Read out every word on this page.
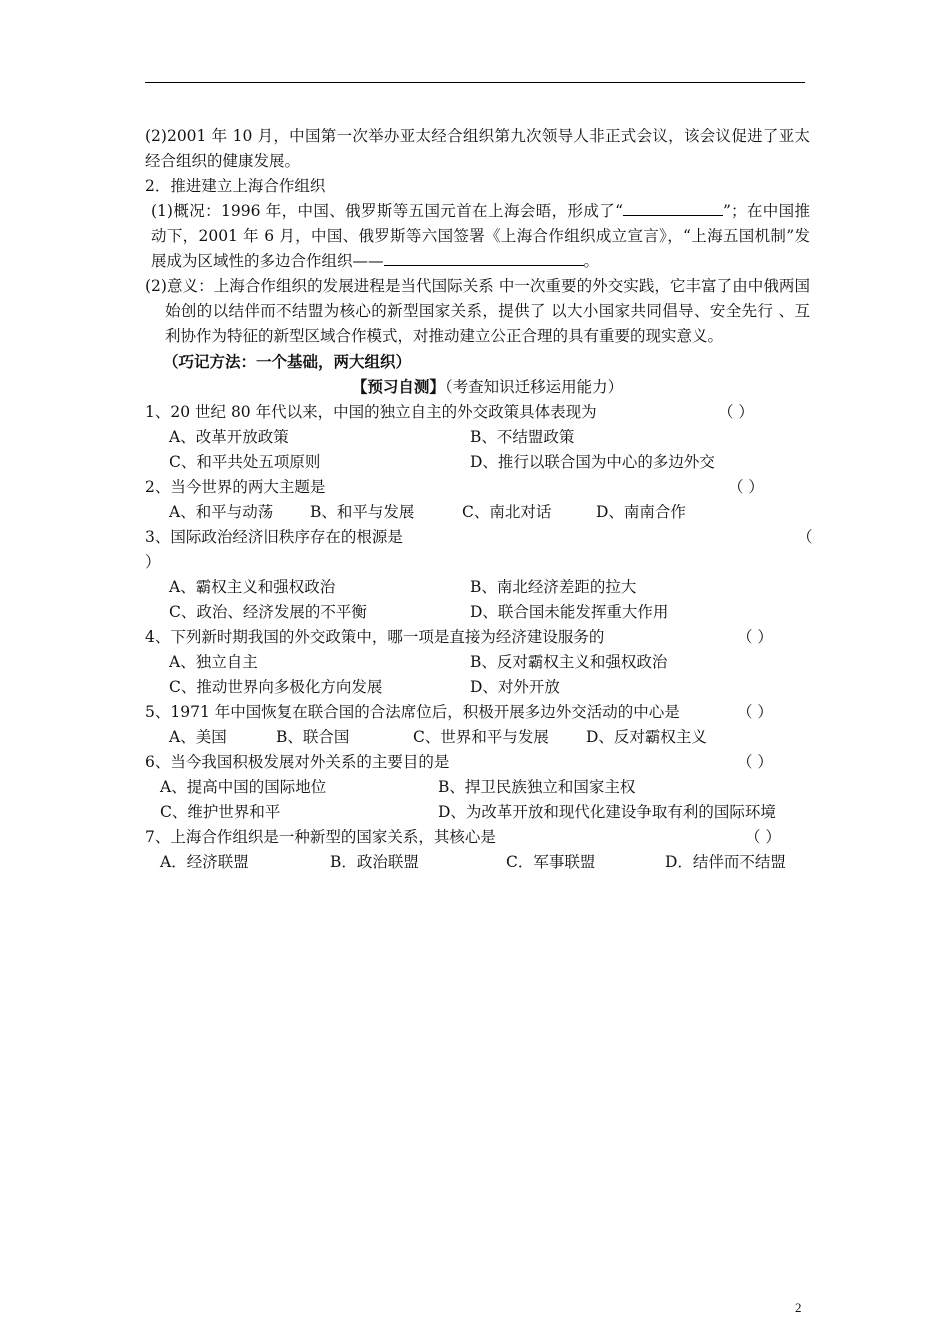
(2)2001 年 10 月，中国第一次举办亚太经合组织第九次领导人非正式会议，该会议促进了亚太经合组织的健康发展。

2．推进建立上海合作组织

(1)概况：1996 年，中国、俄罗斯等五国元首在上海会晤，形成了“	”；在中国推动下，2001 年 6 月，中国、俄罗斯等六国签署《上海合作组织成立宣言》，“上海五国机制”发展成为区域性的多边合作组织——	。

(2)意义：上海合作组织的发展进程是当代国际关系 中一次重要的外交实践，它丰富了由中俄两国始创的以结伴而不结盟为核心的新型国家关系，提供了 以大小国家共同倡导、安全先行 、互利协作为特征的新型区域合作模式，对推动建立公正合理的具有重要的现实意义。

（巧记方法：一个基础，两大组织）

【预习自测】（考查知识迁移运用能力）

1、20 世纪 80 年代以来，中国的独立自主的外交政策具体表现为	（ ）
A、改革开放政策	B、不结盟政策
C、和平共处五项原则	D、推行以联合国为中心的多边外交
2、当今世界的两大主题是	（ ）
A、和平与动荡 B、和平与发展	C、南北对话	D、南南合作
3、国际政治经济旧秩序存在的根源是	（
）
A、霸权主义和强权政治	B、南北经济差距的拉大
C、政治、经济发展的不平衡	D、联合国未能发挥重大作用
4、下列新时期我国的外交政策中，哪一项是直接为经济建设服务的	（ ）
A、独立自主	B、反对霸权主义和强权政治
C、推动世界向多极化方向发展	D、对外开放
5、1971 年中国恢复在联合国的合法席位后，积极开展多边外交活动的中心是	（ ）
A、美国	B、联合国	C、世界和平与发展 D、反对霸权主义
6、当今我国积极发展对外关系的主要目的是	（ ）
A、提高中国的国际地位	B、捍卫民族独立和国家主权
C、维护世界和平	D、为改革开放和现代化建设争取有利的国际环境
7、上海合作组织是一种新型的国家关系，其核心是	（ ）
A．经济联盟	B．政治联盟	C．军事联盟	D．结伴而不结盟
2
